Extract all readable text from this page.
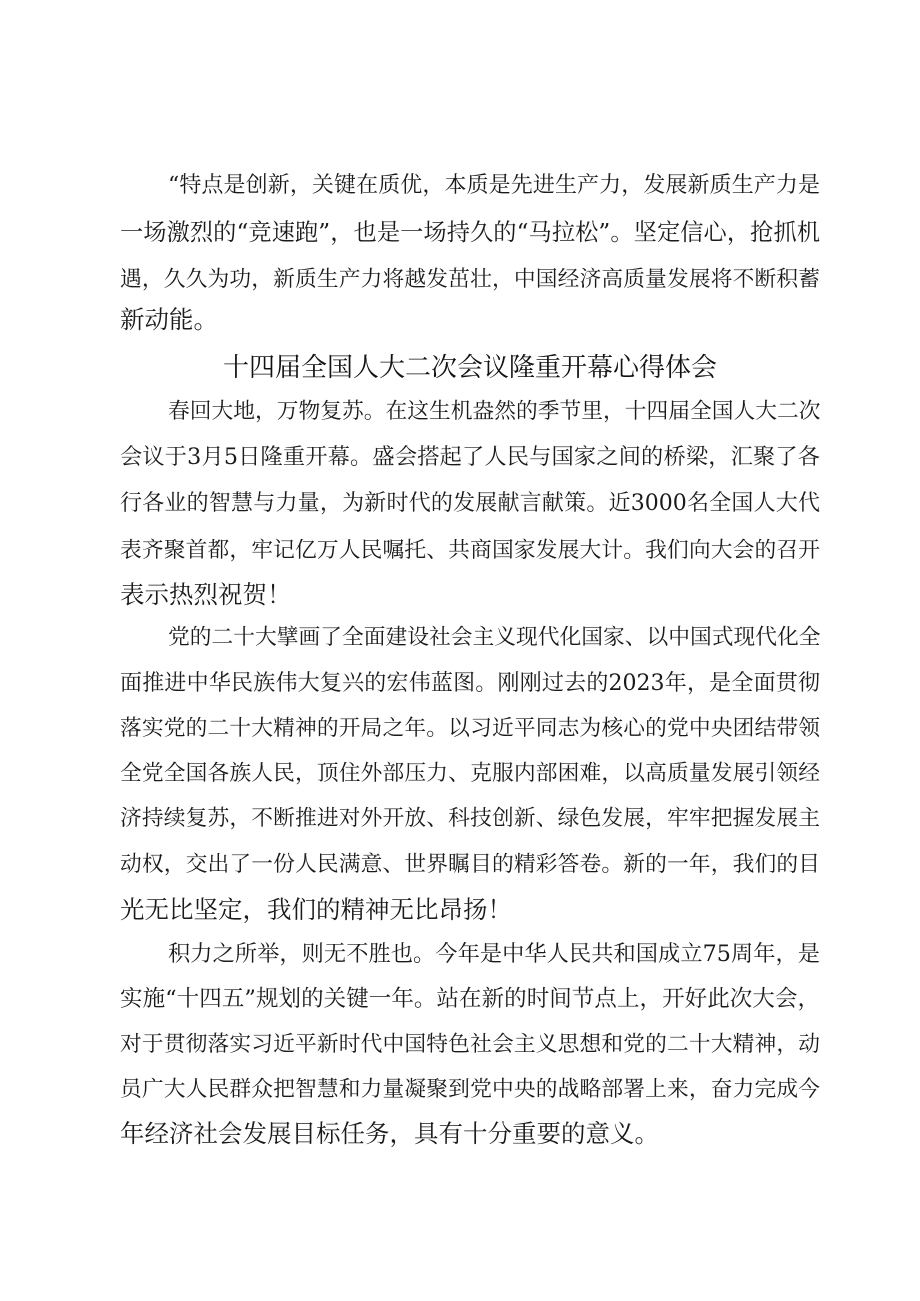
“特点是创新，关键在质优，本质是先进生产力，发展新质生产力是

一场激烈的“竞速跑”，也是一场持久的“马拉松”。坚定信心，抢抓机

遇，久久为功，新质生产力将越发茁壮，中国经济高质量发展将不断积蓄

新动能。

十四届全国人大二次会议隆重开幕心得体会

春回大地，万物复苏。在这生机盎然的季节里，十四届全国人大二次

会议于3月5日隆重开幕。盛会搭起了人民与国家之间的桥梁，汇聚了各

行各业的智慧与力量，为新时代的发展献言献策。近3000名全国人大代

表齐聚首都，牢记亿万人民嘱托、共商国家发展大计。我们向大会的召开

表示热烈祝贺！

党的二十大擘画了全面建设社会主义现代化国家、以中国式现代化全

面推进中华民族伟大复兴的宏伟蓝图。刚刚过去的2023年，是全面贯彻

落实党的二十大精神的开局之年。以习近平同志为核心的党中央团结带领

全党全国各族人民，顶住外部压力、克服内部困难，以高质量发展引领经

济持续复苏，不断推进对外开放、科技创新、绿色发展，牢牢把握发展主

动权，交出了一份人民满意、世界瞩目的精彩答卷。新的一年，我们的目

光无比坚定，我们的精神无比昂扬！

积力之所举，则无不胜也。今年是中华人民共和国成立75周年，是

实施“十四五”规划的关键一年。站在新的时间节点上，开好此次大会，

对于贯彻落实习近平新时代中国特色社会主义思想和党的二十大精神，动

员广大人民群众把智慧和力量凝聚到党中央的战略部署上来，奋力完成今

年经济社会发展目标任务，具有十分重要的意义。
